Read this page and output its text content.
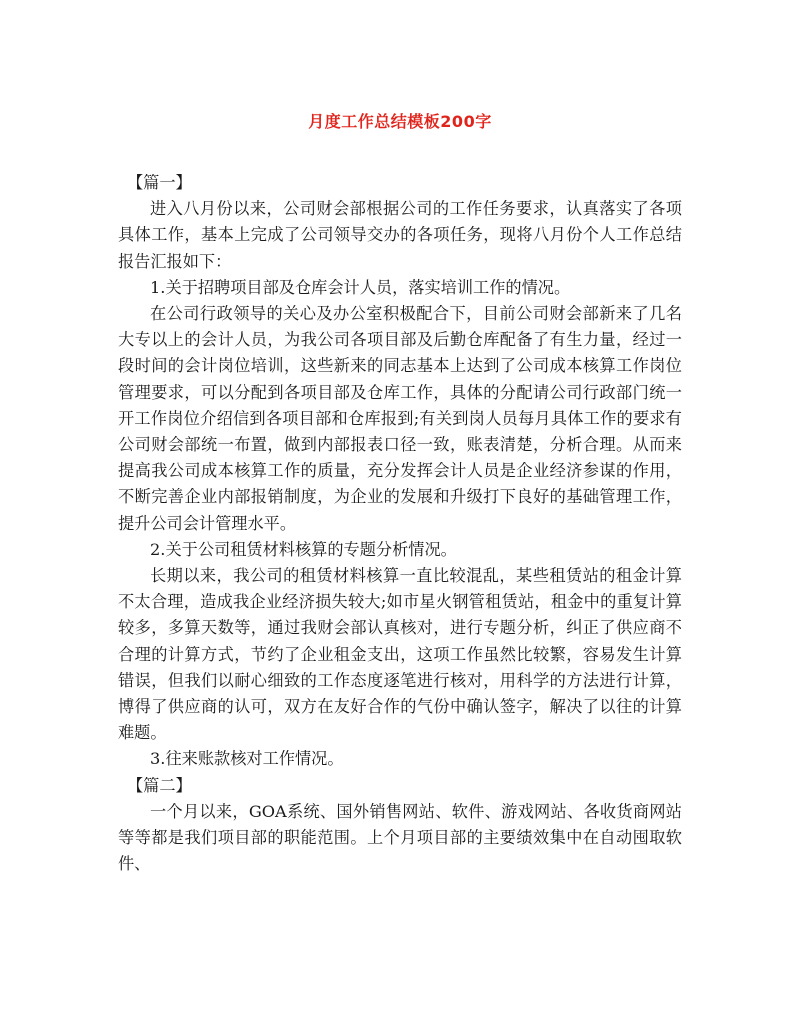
月度工作总结模板200字

【篇一】

进入八月份以来，公司财会部根据公司的工作任务要求，认真落实了各项具体工作，基本上完成了公司领导交办的各项任务，现将八月份个人工作总结报告汇报如下：

1.关于招聘项目部及仓库会计人员，落实培训工作的情况。

在公司行政领导的关心及办公室积极配合下，目前公司财会部新来了几名大专以上的会计人员，为我公司各项目部及后勤仓库配备了有生力量，经过一段时间的会计岗位培训，这些新来的同志基本上达到了公司成本核算工作岗位管理要求，可以分配到各项目部及仓库工作，具体的分配请公司行政部门统一开工作岗位介绍信到各项目部和仓库报到;有关到岗人员每月具体工作的要求有公司财会部统一布置，做到内部报表口径一致，账表清楚，分析合理。从而来提高我公司成本核算工作的质量，充分发挥会计人员是企业经济参谋的作用，不断完善企业内部报销制度，为企业的发展和升级打下良好的基础管理工作，提升公司会计管理水平。

2.关于公司租赁材料核算的专题分析情况。

长期以来，我公司的租赁材料核算一直比较混乱，某些租赁站的租金计算不太合理，造成我企业经济损失较大;如市星火钢管租赁站，租金中的重复计算较多，多算天数等，通过我财会部认真核对，进行专题分析，纠正了供应商不合理的计算方式，节约了企业租金支出，这项工作虽然比较繁，容易发生计算错误，但我们以耐心细致的工作态度逐笔进行核对，用科学的方法进行计算，博得了供应商的认可，双方在友好合作的气份中确认签字，解决了以往的计算难题。

3.往来账款核对工作情况。

【篇二】

一个月以来，GOA系统、国外销售网站、软件、游戏网站、各收货商网站等等都是我们项目部的职能范围。上个月项目部的主要绩效集中在自动囤取软件、
